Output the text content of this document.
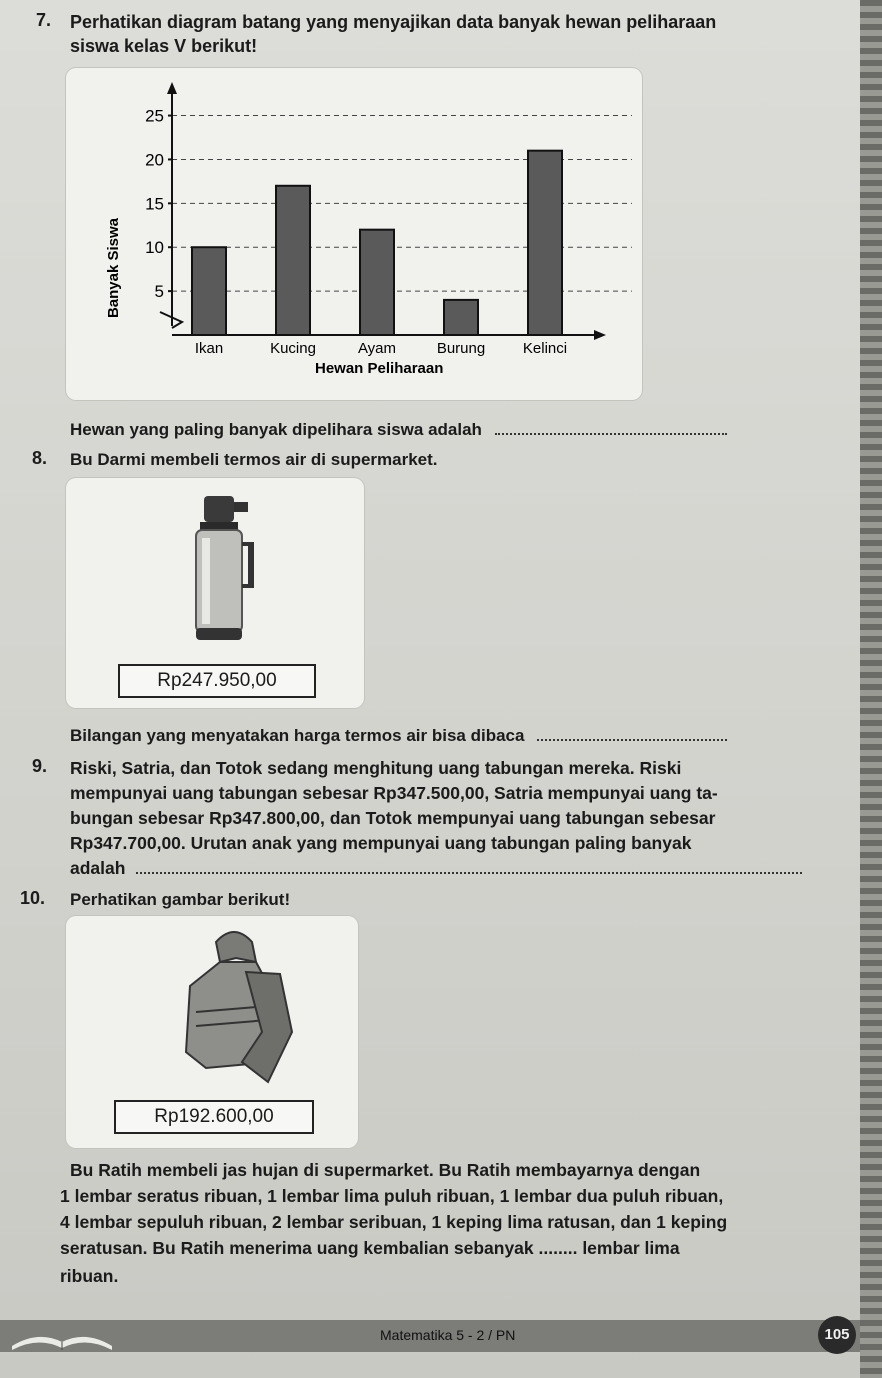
7. Perhatikan diagram batang yang menyajikan data banyak hewan peliharaan
siswa kelas V berikut!
5
10
15
20
25
Ikan	Kucing	Ayam	Burung	Kelinci
Hewan Peliharaan
Banyak Siswa
Hewan yang paling banyak dipelihara siswa adalah
8. Bu Darmi membeli termos air di supermarket.
Rp247.950,00
Bilangan yang menyatakan harga termos air bisa dibaca
9. Riski, Satria, dan Totok sedang menghitung uang tabungan mereka. Riski
mempunyai uang tabungan sebesar Rp347.500,00, Satria mempunyai uang ta-
bungan sebesar Rp347.800,00, dan Totok mempunyai uang tabungan sebesar
Rp347.700,00. Urutan anak yang mempunyai uang tabungan paling banyak
adalah
10. Perhatikan gambar berikut!
Rp192.600,00
Bu Ratih membeli jas hujan di supermarket. Bu Ratih membayarnya dengan
1 lembar seratus ribuan, 1 lembar lima puluh ribuan, 1 lembar dua puluh ribuan,
4 lembar sepuluh ribuan, 2 lembar seribuan, 1 keping lima ratusan, dan 1 keping
seratusan. Bu Ratih menerima uang kembalian sebanyak ........ lembar lima
ribuan.
Matematika 5 - 2 / PN	105
